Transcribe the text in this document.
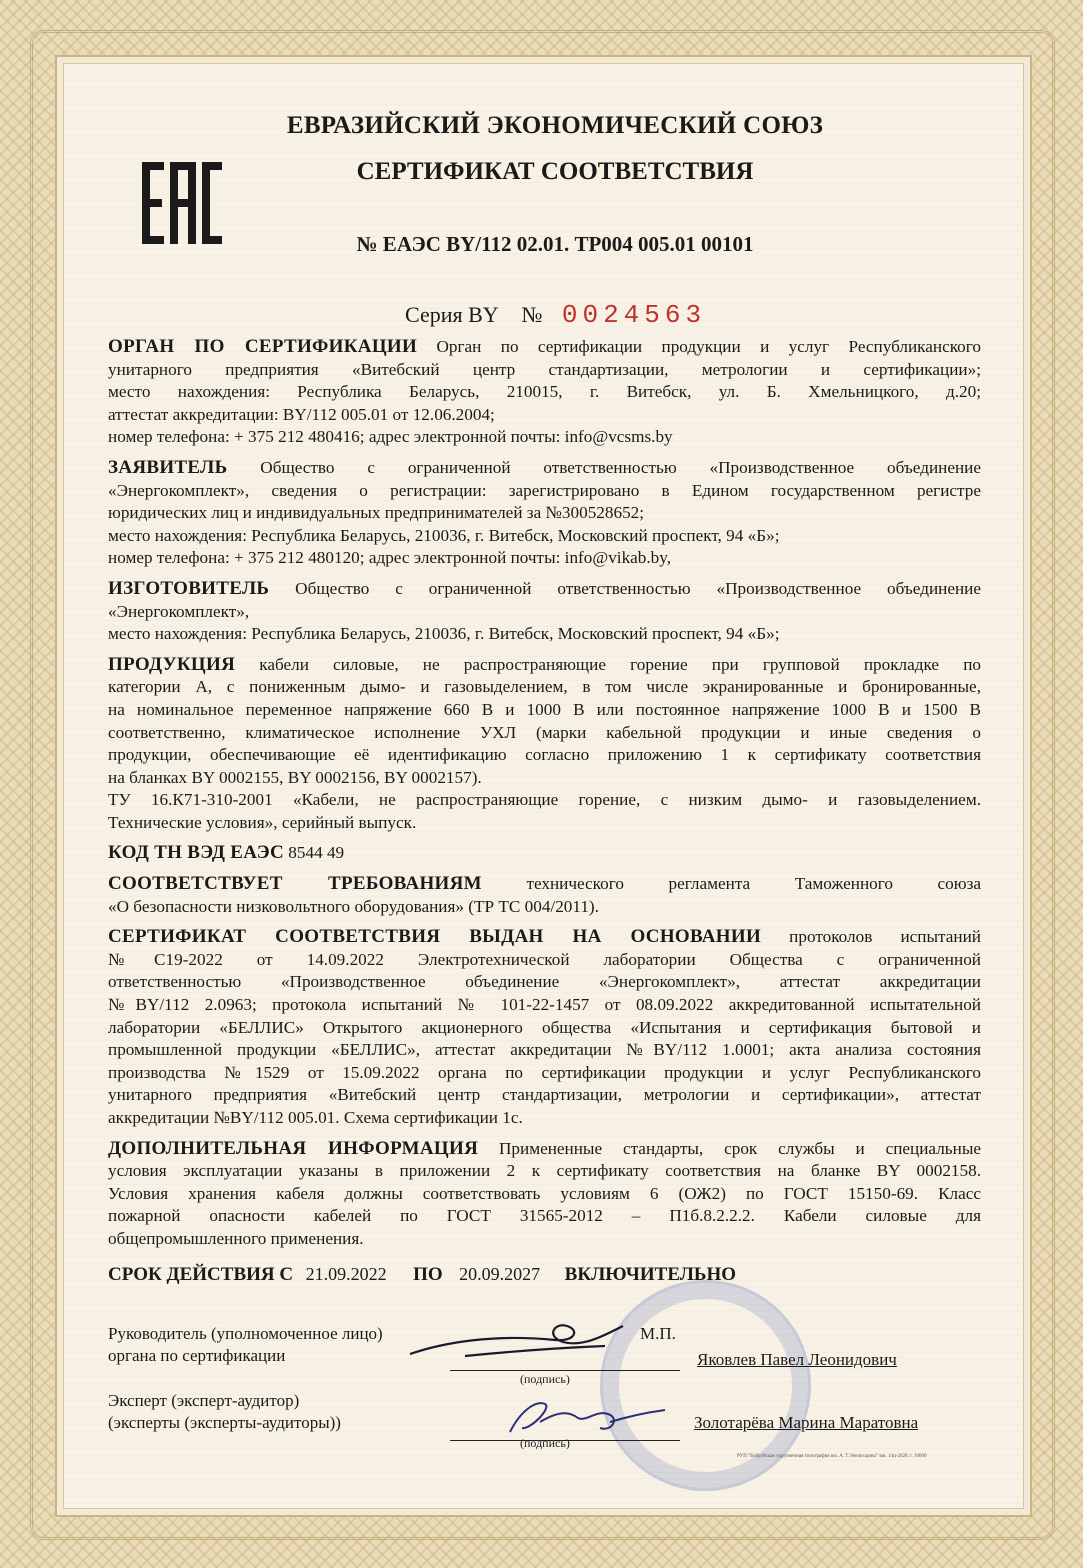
ЕВРАЗИЙСКИЙ ЭКОНОМИЧЕСКИЙ СОЮЗ
СЕРТИФИКАТ СООТВЕТСТВИЯ
№ ЕАЭС BY/112 02.01. ТР004 005.01 00101
Серия BY № 0024563

ОРГАН ПО СЕРТИФИКАЦИИ Орган по сертификации продукции и услуг Республиканского
унитарного предприятия «Витебский центр стандартизации, метрологии и сертификации»;
место нахождения: Республика Беларусь, 210015, г. Витебск, ул. Б. Хмельницкого, д.20;
аттестат аккредитации: BY/112 005.01 от 12.06.2004;
номер телефона: + 375 212 480416; адрес электронной почты: info@vcsms.by

ЗАЯВИТЕЛЬ Общество с ограниченной ответственностью «Производственное объединение
«Энергокомплект», сведения о регистрации: зарегистрировано в Едином государственном регистре
юридических лиц и индивидуальных предпринимателей за №300528652;
место нахождения: Республика Беларусь, 210036, г. Витебск, Московский проспект, 94 «Б»;
номер телефона: + 375 212 480120; адрес электронной почты: info@vikab.by,

ИЗГОТОВИТЕЛЬ Общество с ограниченной ответственностью «Производственное объединение
«Энергокомплект»,
место нахождения: Республика Беларусь, 210036, г. Витебск, Московский проспект, 94 «Б»;

ПРОДУКЦИЯ кабели силовые, не распространяющие горение при групповой прокладке по
категории А, с пониженным дымо- и газовыделением, в том числе экранированные и бронированные,
на номинальное переменное напряжение 660 В и 1000 В или постоянное напряжение 1000 В и 1500 В
соответственно, климатическое исполнение УХЛ (марки кабельной продукции и иные сведения о
продукции, обеспечивающие её идентификацию согласно приложению 1 к сертификату соответствия
на бланках BY 0002155, BY 0002156, BY 0002157).
ТУ 16.К71-310-2001 «Кабели, не распространяющие горение, с низким дымо- и газовыделением.
Технические условия», серийный выпуск.

КОД ТН ВЭД ЕАЭС 8544 49

СООТВЕТСТВУЕТ ТРЕБОВАНИЯМ	технического регламента Таможенного союза
«О безопасности низковольтного оборудования» (ТР ТС 004/2011).

СЕРТИФИКАТ СООТВЕТСТВИЯ ВЫДАН НА ОСНОВАНИИ протоколов испытаний
№С19-2022 от 14.09.2022 Электротехнической лаборатории Общества с ограниченной
ответственностью «Производственное объединение «Энергокомплект», аттестат аккредитации
№BY/112 2.0963; протокола испытаний № 101-22-1457 от 08.09.2022 аккредитованной испытательной
лаборатории «БЕЛЛИС» Открытого акционерного общества «Испытания и сертификация бытовой и
промышленной продукции «БЕЛЛИС», аттестат аккредитации №BY/112 1.0001; акта анализа состояния
производства №1529 от 15.09.2022 органа по сертификации продукции и услуг Республиканского
унитарного предприятия «Витебский центр стандартизации, метрологии и сертификации», аттестат
аккредитации №BY/112 005.01. Схема сертификации 1с.

ДОПОЛНИТЕЛЬНАЯ ИНФОРМАЦИЯ Примененные стандарты, срок службы и специальные
условия эксплуатации указаны в приложении 2 к сертификату соответствия на бланке BY 0002158.
Условия хранения кабеля должны соответствовать условиям 6 (ОЖ2) по ГОСТ 15150-69. Класс
пожарной опасности кабелей по ГОСТ 31565-2012 – П1б.8.2.2.2. Кабели силовые для
общепромышленного применения.

СРОК ДЕЙСТВИЯ С 21.09.2022 ПО 20.09.2027 ВКЛЮЧИТЕЛЬНО
Руководитель (уполномоченное лицо)
органа по сертификации
М.П.
(подпись)
Яковлев Павел Леонидович
Эксперт (эксперт-аудитор)
(эксперты (эксперты-аудиторы))
(подпись)
Золотарёва Марина Маратовна
РУП "Бобруйская укрупненная типография им. А. Т. Непогодина" зак. 14ц-2020, г. 10000
